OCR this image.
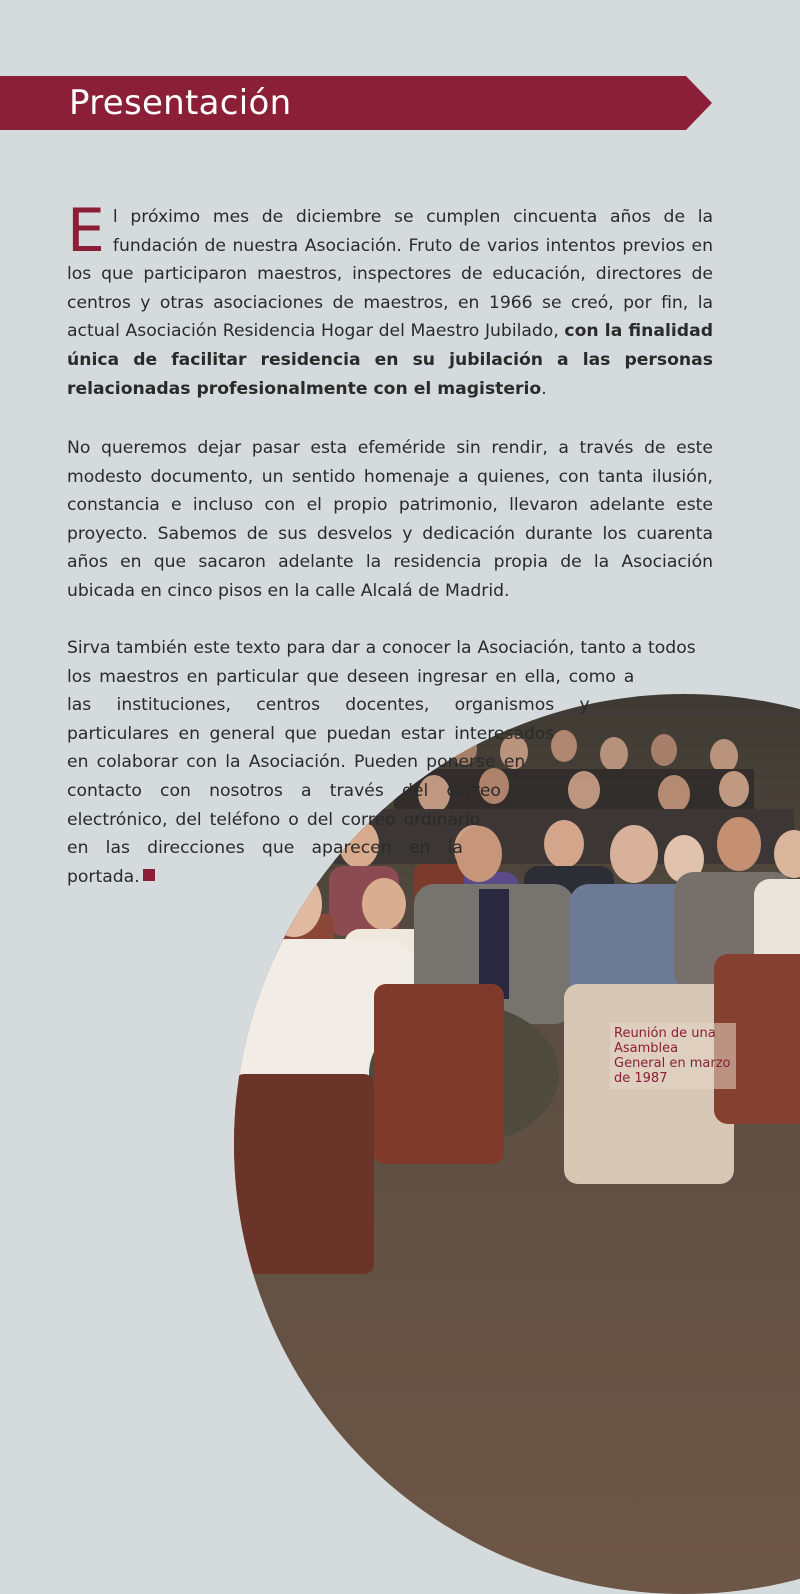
Presentación
El próximo mes de diciembre se cumplen cincuenta años de la fundación de nuestra Asociación. Fruto de varios intentos previos en los que participaron maestros, inspectores de educación, directores de centros y otras asociaciones de maestros, en 1966 se creó, por fin, la actual Asociación Residencia Hogar del Maestro Jubilado, con la finalidad única de facilitar residencia en su jubilación a las personas relacionadas profesionalmente con el magisterio.
No queremos dejar pasar esta efeméride sin rendir, a través de este modesto documento, un sentido homenaje a quienes, con tanta ilusión, constancia e incluso con el propio patrimonio, llevaron adelante este proyecto. Sabemos de sus desvelos y dedicación durante los cuarenta años en que sacaron adelante la residencia propia de la Asociación ubicada en cinco pisos en la calle Alcalá de Madrid.
Sirva también este texto para dar a conocer la Asociación, tanto a todos los maestros en particular que deseen ingresar en ella, como a las instituciones, centros docentes, organismos y particulares en general que puedan estar interesados en colaborar con la Asociación. Pueden ponerse en contacto con nosotros a través del correo electrónico, del teléfono o del correo ordinario en las direcciones que aparecen en la portada.
Reunión de una Asamblea General en marzo de 1987
